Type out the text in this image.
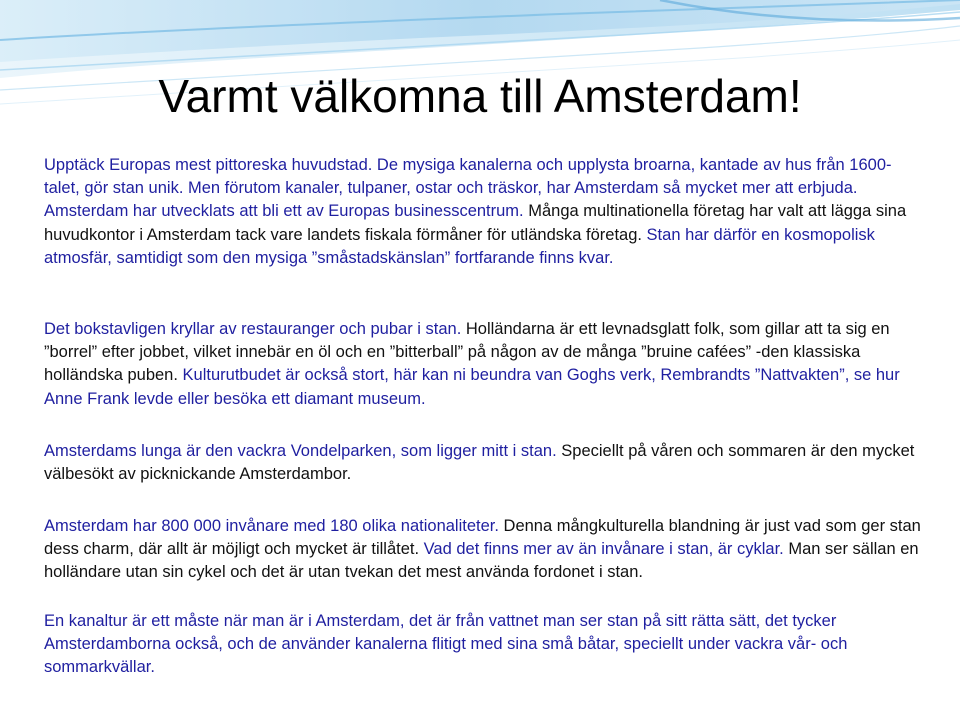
Varmt välkomna till Amsterdam!

Upptäck Europas mest pittoreska huvudstad. De mysiga kanalerna och upplysta broarna, kantade av hus från 1600-talet, gör stan unik. Men förutom kanaler, tulpaner, ostar och träskor, har Amsterdam så mycket mer att erbjuda. Amsterdam har utvecklats att bli ett av Europas businesscentrum. Många multinationella företag har valt att lägga sina huvudkontor i Amsterdam tack vare landets fiskala förmåner för utländska företag. Stan har därför en kosmopolisk atmosfär, samtidigt som den mysiga ”småstadskänslan” fortfarande finns kvar.

Det bokstavligen kryllar av restauranger och pubar i stan. Holländarna är ett levnadsglatt folk, som gillar att ta sig en ”borrel” efter jobbet, vilket innebär en öl och en ”bitterball” på någon av de många ”bruine cafées” -den klassiska holländska puben. Kulturutbudet är också stort, här kan ni beundra van Goghs verk, Rembrandts ”Nattvakten”, se hur Anne Frank levde eller besöka ett diamant museum.

Amsterdams lunga är den vackra Vondelparken, som ligger mitt i stan. Speciellt på våren och sommaren är den mycket välbesökt av picknickande Amsterdambor.

Amsterdam har 800 000 invånare med 180 olika nationaliteter. Denna mångkulturella blandning är just vad som ger stan dess charm, där allt är möjligt och mycket är tillåtet. Vad det finns mer av än invånare i stan, är cyklar. Man ser sällan en holländare utan sin cykel och det är utan tvekan det mest använda fordonet i stan.

En kanaltur är ett måste när man är i Amsterdam, det är från vattnet man ser stan på sitt rätta sätt, det tycker Amsterdamborna också, och de använder kanalerna flitigt med sina små båtar, speciellt under vackra vår- och sommarkvällar.
